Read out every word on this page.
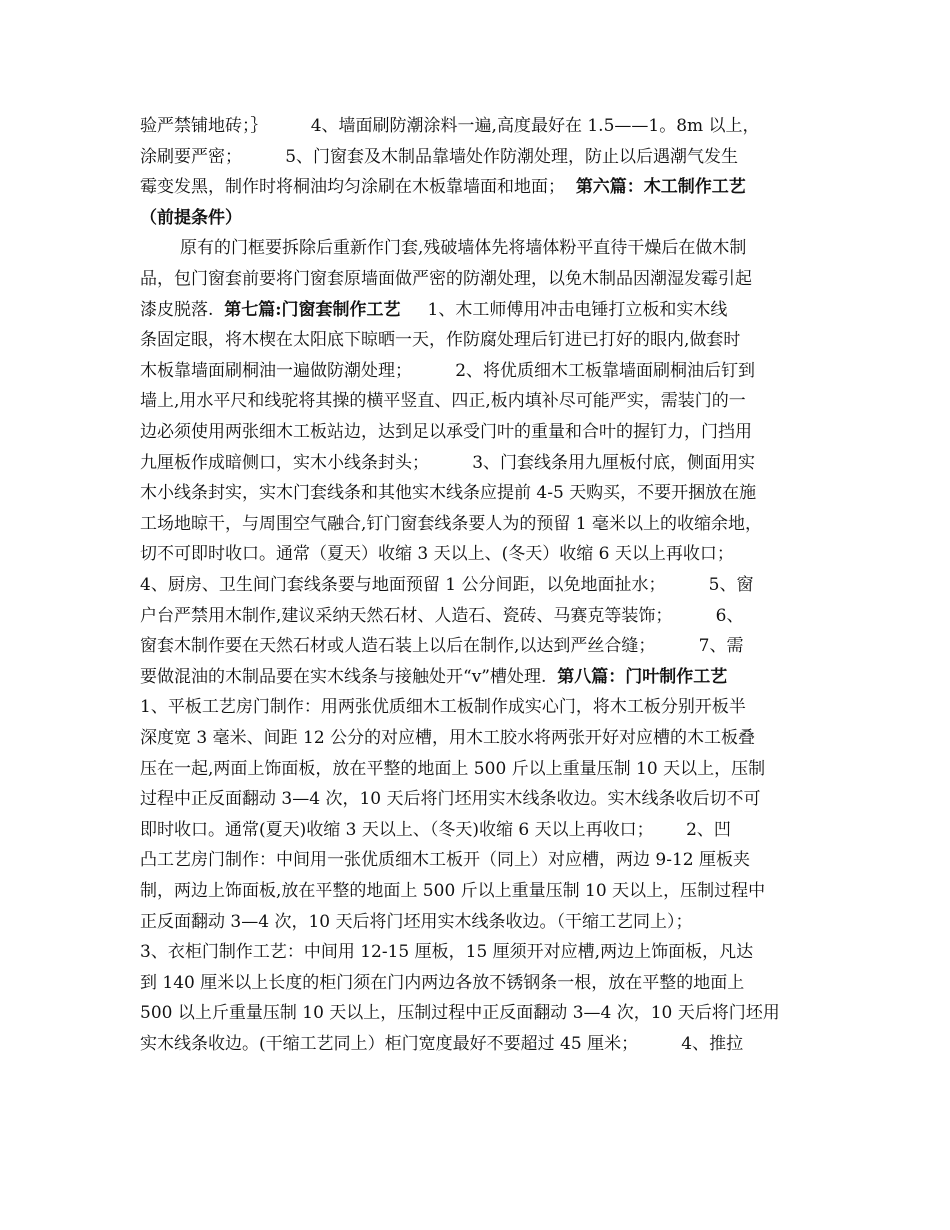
验严禁铺地砖；｝        4、墙面刷防潮涂料一遍,高度最好在 1.5——1。8m 以上，
涂刷要严密；        5、门窗套及木制品靠墙处作防潮处理，防止以后遇潮气发生
霉变发黑，制作时将桐油均匀涂刷在木板靠墙面和地面；  第六篇：木工制作工艺
（前提条件）
原有的门框要拆除后重新作门套,残破墙体先将墙体粉平直待干燥后在做木制
品，包门窗套前要将门窗套原墙面做严密的防潮处理，以免木制品因潮湿发霉引起
漆皮脱落.  第七篇:门窗套制作工艺     1、木工师傅用冲击电锤打立板和实木线
条固定眼，将木楔在太阳底下晾晒一天，作防腐处理后钉进已打好的眼内,做套时
木板靠墙面刷桐油一遍做防潮处理；        2、将优质细木工板靠墙面刷桐油后钉到
墙上,用水平尺和线驼将其操的横平竖直、四正,板内填补尽可能严实，需装门的一
边必须使用两张细木工板站边，达到足以承受门叶的重量和合叶的握钉力，门挡用
九厘板作成暗侧口，实木小线条封头；        3、门套线条用九厘板付底，侧面用实
木小线条封实，实木门套线条和其他实木线条应提前 4-5 天购买，不要开捆放在施
工场地晾干，与周围空气融合,钉门窗套线条要人为的预留 1 毫米以上的收缩余地，
切不可即时收口。通常（夏天）收缩 3 天以上、(冬天）收缩 6 天以上再收口；
4、厨房、卫生间门套线条要与地面预留 1 公分间距，以免地面扯水；        5、窗
户台严禁用木制作,建议采纳天然石材、人造石、瓷砖、马赛克等装饰；        6、
窗套木制作要在天然石材或人造石装上以后在制作,以达到严丝合缝；        7、需
要做混油的木制品要在实木线条与接触处开“v”槽处理.  第八篇：门叶制作工艺
1、平板工艺房门制作：用两张优质细木工板制作成实心门，将木工板分别开板半
深度宽 3 毫米、间距 12 公分的对应槽，用木工胶水将两张开好对应槽的木工板叠
压在一起,两面上饰面板，放在平整的地面上 500 斤以上重量压制 10 天以上，压制
过程中正反面翻动 3—4 次，10 天后将门坯用实木线条收边。实木线条收后切不可
即时收口。通常(夏天)收缩 3 天以上、（冬天)收缩 6 天以上再收口；      2、凹
凸工艺房门制作：中间用一张优质细木工板开（同上）对应槽，两边 9-12 厘板夹
制，两边上饰面板,放在平整的地面上 500 斤以上重量压制 10 天以上，压制过程中
正反面翻动 3—4 次，10 天后将门坯用实木线条收边。（干缩工艺同上）；
3、衣柜门制作工艺：中间用 12-15 厘板，15 厘须开对应槽,两边上饰面板，凡达
到 140 厘米以上长度的柜门须在门内两边各放不锈钢条一根，放在平整的地面上
500 以上斤重量压制 10 天以上，压制过程中正反面翻动 3—4 次，10 天后将门坯用
实木线条收边。(干缩工艺同上）柜门宽度最好不要超过 45 厘米；        4、推拉
